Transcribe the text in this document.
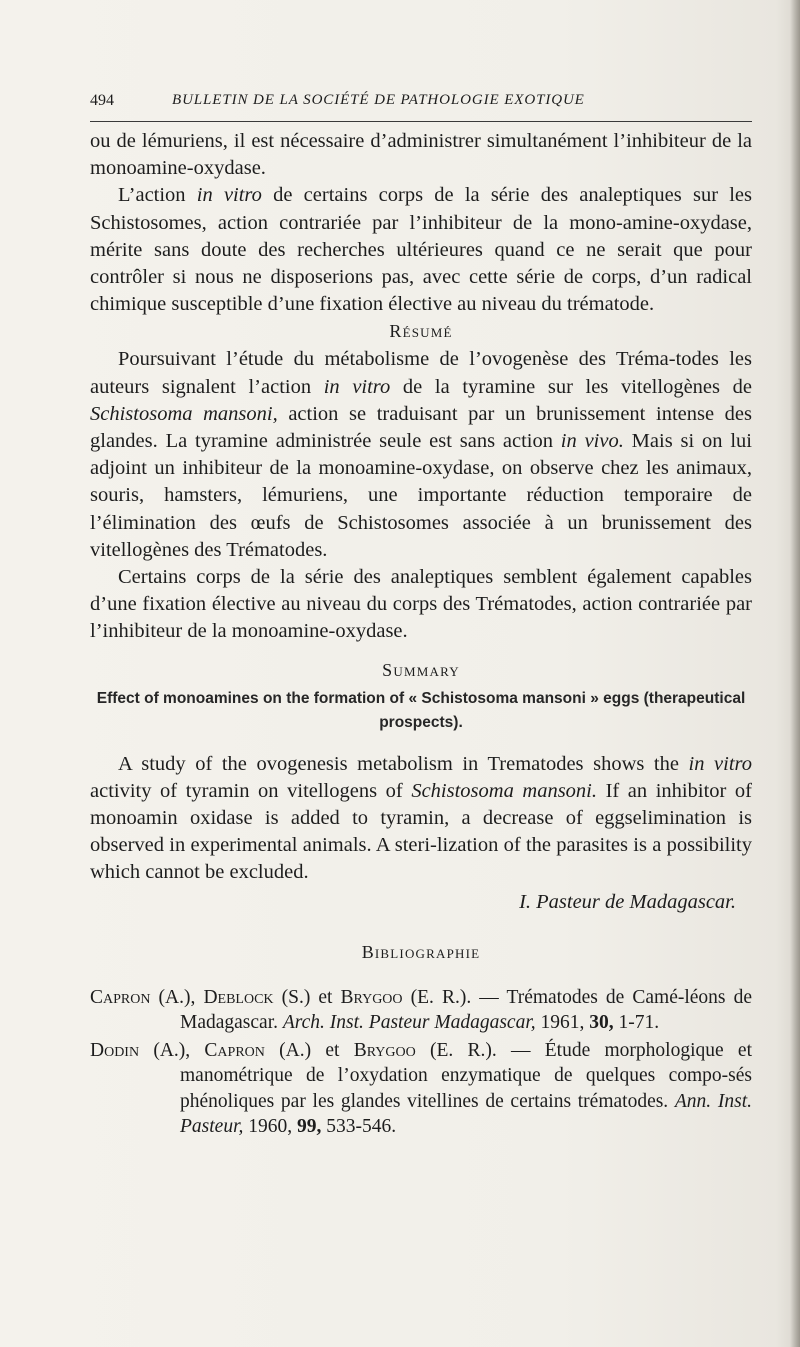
494	BULLETIN DE LA SOCIÉTÉ DE PATHOLOGIE EXOTIQUE

ou de lémuriens, il est nécessaire d’administrer simultanément l’inhibiteur de la monoamine-oxydase.

L’action in vitro de certains corps de la série des analeptiques sur les Schistosomes, action contrariée par l’inhibiteur de la mono-amine-oxydase, mérite sans doute des recherches ultérieures quand ce ne serait que pour contrôler si nous ne disposerions pas, avec cette série de corps, d’un radical chimique susceptible d’une fixation élective au niveau du trématode.

Résumé

Poursuivant l’étude du métabolisme de l’ovogenèse des Tréma-todes les auteurs signalent l’action in vitro de la tyramine sur les vitellogènes de Schistosoma mansoni, action se traduisant par un brunissement intense des glandes. La tyramine administrée seule est sans action in vivo. Mais si on lui adjoint un inhibiteur de la monoamine-oxydase, on observe chez les animaux, souris, hamsters, lémuriens, une importante réduction temporaire de l’élimination des œufs de Schistosomes associée à un brunissement des vitellogènes des Trématodes.

Certains corps de la série des analeptiques semblent également capables d’une fixation élective au niveau du corps des Trématodes, action contrariée par l’inhibiteur de la monoamine-oxydase.

Summary

Effect of monoamines on the formation of « Schistosoma mansoni » eggs (therapeutical prospects).

A study of the ovogenesis metabolism in Trematodes shows the in vitro activity of tyramin on vitellogens of Schistosoma mansoni. If an inhibitor of monoamin oxidase is added to tyramin, a decrease of eggselimination is observed in experimental animals. A steri-lization of the parasites is a possibility which cannot be excluded.

I. Pasteur de Madagascar.

Bibliographie

Capron (A.), Deblock (S.) et Brygoo (E. R.). — Trématodes de Camé-léons de Madagascar. Arch. Inst. Pasteur Madagascar, 1961, 30, 1-71.

Dodin (A.), Capron (A.) et Brygoo (E. R.). — Étude morphologique et manométrique de l’oxydation enzymatique de quelques compo-sés phénoliques par les glandes vitellines de certains trématodes. Ann. Inst. Pasteur, 1960, 99, 533-546.
